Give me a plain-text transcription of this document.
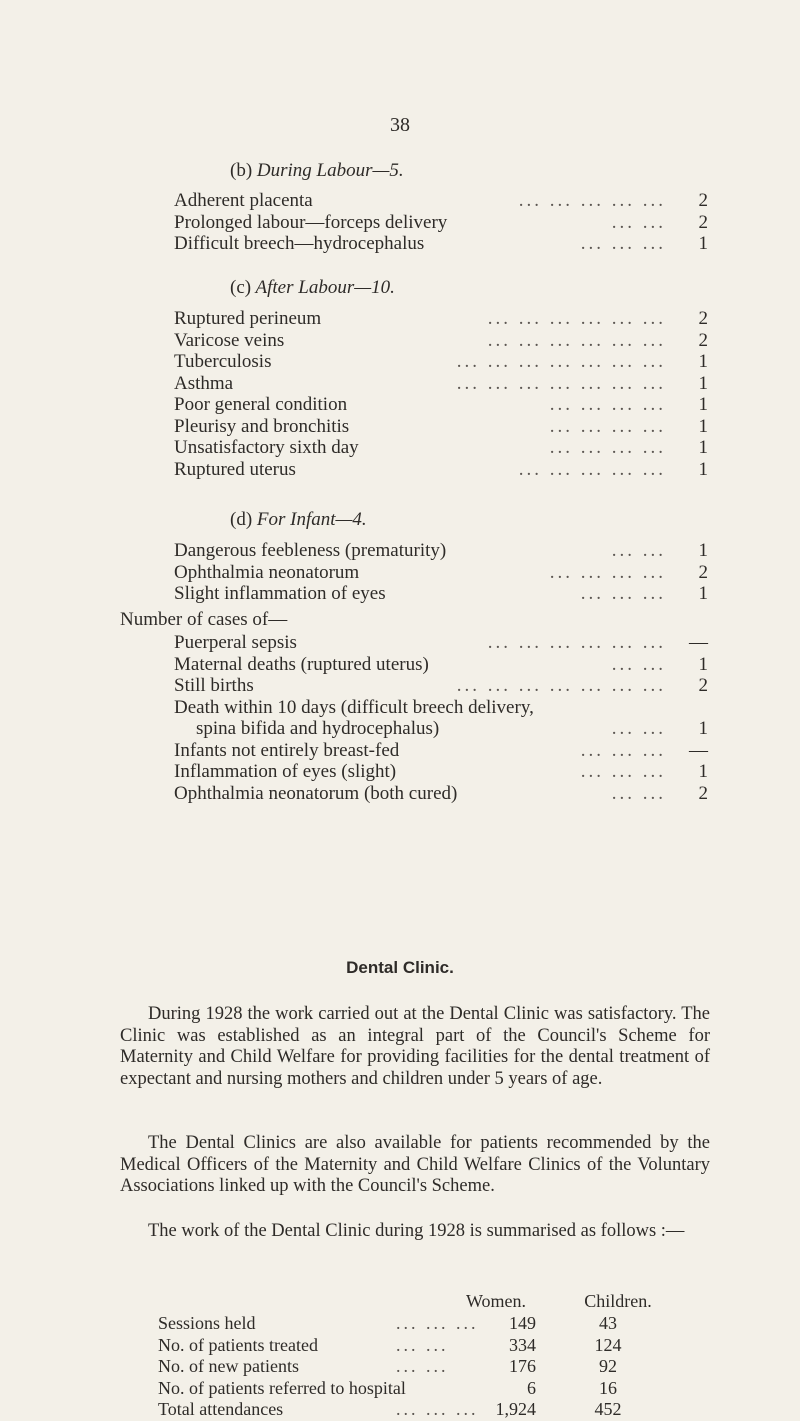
38
(b) During Labour—5.
Adherent placenta	... ... ... ... ...	2
Prolonged labour—forceps delivery	... ...	2
Difficult breech—hydrocephalus	... ... ...	1
(c) After Labour—10.
Ruptured perineum	... ... ... ... ... ...	2
Varicose veins	... ... ... ... ... ...	2
Tuberculosis	... ... ... ... ... ... ...	1
Asthma	... ... ... ... ... ... ...	1
Poor general condition	... ... ... ...	1
Pleurisy and bronchitis	... ... ... ...	1
Unsatisfactory sixth day	... ... ... ...	1
Ruptured uterus	... ... ... ... ...	1
(d) For Infant—4.
Dangerous feebleness (prematurity)	... ...	1
Ophthalmia neonatorum	... ... ... ...	2
Slight inflammation of eyes	... ... ...	1
Number of cases of—
Puerperal sepsis	... ... ... ... ... ...	—
Maternal deaths (ruptured uterus)	... ...	1
Still births	... ... ... ... ... ... ...	2
Death within 10 days (difficult breech delivery,
spina bifida and hydrocephalus)	... ...	1
Infants not entirely breast-fed	... ... ...	—
Inflammation of eyes (slight)	... ... ...	1
Ophthalmia neonatorum (both cured)	... ...	2
Dental Clinic.
During 1928 the work carried out at the Dental Clinic was satisfactory. The Clinic was established as an integral part of the Council's Scheme for Maternity and Child Welfare for providing facilities for the dental treatment of expectant and nursing mothers and children under 5 years of age.
The Dental Clinics are also available for patients recommended by the Medical Officers of the Maternity and Child Welfare Clinics of the Voluntary Associations linked up with the Council's Scheme.
The work of the Dental Clinic during 1928 is summarised as follows :—
Women.	Children.
Sessions held	... ... ...	149	43
No. of patients treated	... ...	334	124
No. of new patients	... ...	176	92
No. of patients referred to hospital	6	16
Total attendances	... ... ... 1,924	452
